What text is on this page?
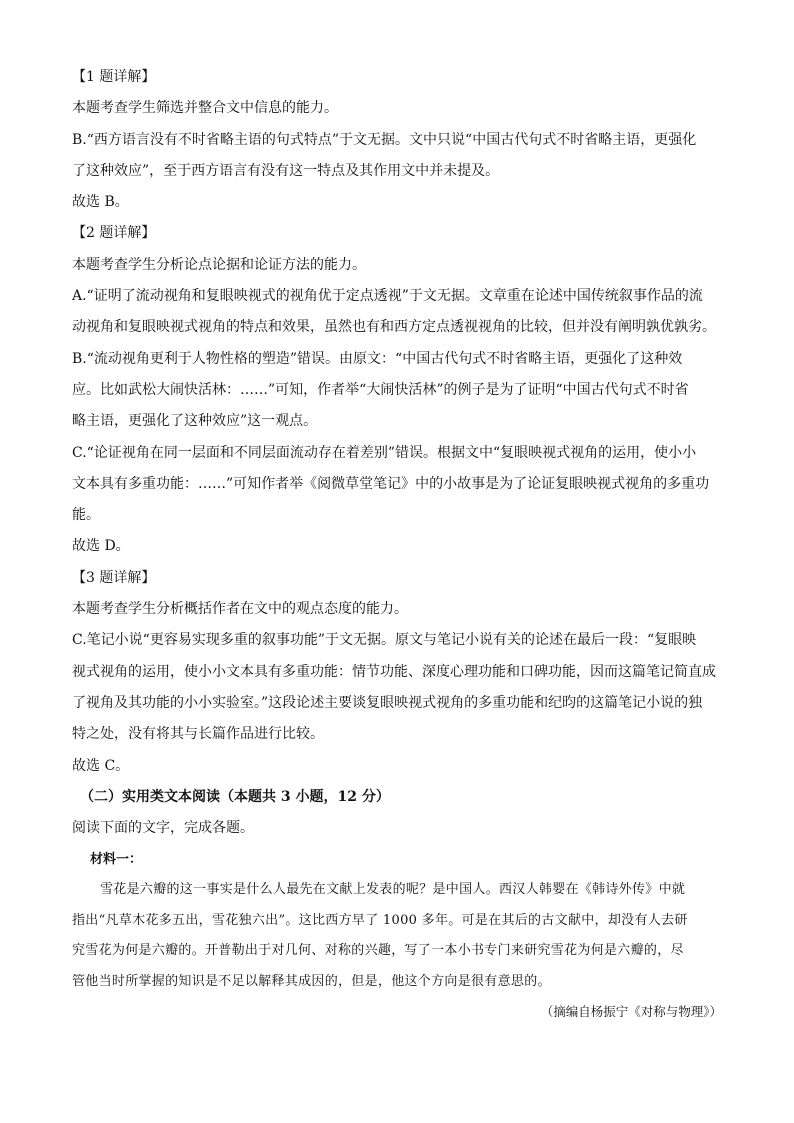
【1 题详解】

本题考查学生筛选并整合文中信息的能力。

B.“西方语言没有不时省略主语的句式特点”于文无据。文中只说“中国古代句式不时省略主语，更强化

了这种效应”，至于西方语言有没有这一特点及其作用文中并未提及。

故选 B。

【2 题详解】

本题考查学生分析论点论据和论证方法的能力。

A.“证明了流动视角和复眼映视式的视角优于定点透视”于文无据。文章重在论述中国传统叙事作品的流

动视角和复眼映视式视角的特点和效果，虽然也有和西方定点透视视角的比较，但并没有阐明孰优孰劣。

B.“流动视角更利于人物性格的塑造”错误。由原文：“中国古代句式不时省略主语，更强化了这种效

应。比如武松大闹快活林：……”可知，作者举“大闹快活林”的例子是为了证明“中国古代句式不时省

略主语，更强化了这种效应”这一观点。

C.“论证视角在同一层面和不同层面流动存在着差别”错误。根据文中“复眼映视式视角的运用，使小小

文本具有多重功能：……”可知作者举《阅微草堂笔记》中的小故事是为了论证复眼映视式视角的多重功

能。

故选 D。

【3 题详解】

本题考查学生分析概括作者在文中的观点态度的能力。

C.笔记小说“更容易实现多重的叙事功能”于文无据。原文与笔记小说有关的论述在最后一段：“复眼映

视式视角的运用，使小小文本具有多重功能：情节功能、深度心理功能和口碑功能，因而这篇笔记简直成

了视角及其功能的小小实验室。”这段论述主要谈复眼映视式视角的多重功能和纪昀的这篇笔记小说的独

特之处，没有将其与长篇作品进行比较。

故选 C。

（二）实用类文本阅读（本题共 3 小题，12 分）

阅读下面的文字，完成各题。

材料一：

雪花是六瓣的这一事实是什么人最先在文献上发表的呢？是中国人。西汉人韩婴在《韩诗外传》中就

指出“凡草木花多五出，雪花独六出”。这比西方早了 1000 多年。可是在其后的古文献中，却没有人去研

究雪花为何是六瓣的。开普勒出于对几何、对称的兴趣，写了一本小书专门来研究雪花为何是六瓣的，尽

管他当时所掌握的知识是不足以解释其成因的，但是，他这个方向是很有意思的。

（摘编自杨振宁《对称与物理》）
